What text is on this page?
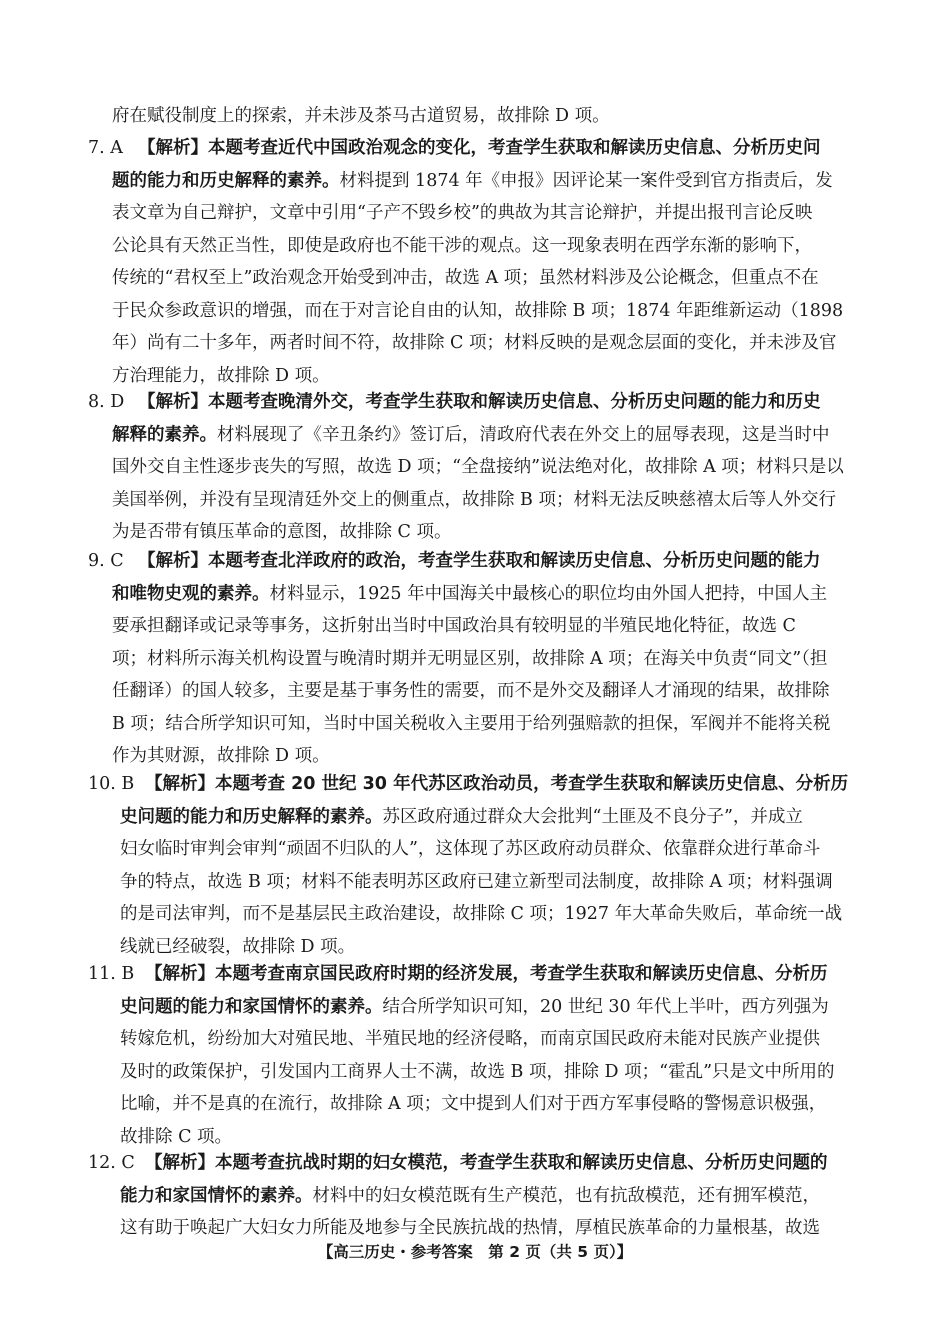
府在赋役制度上的探索，并未涉及茶马古道贸易，故排除 D 项。
7. A 【解析】本题考查近代中国政治观念的变化，考查学生获取和解读历史信息、分析历史问
题的能力和历史解释的素养。材料提到 1874 年《申报》因评论某一案件受到官方指责后，发
表文章为自己辩护，文章中引用“子产不毁乡校”的典故为其言论辩护，并提出报刊言论反映
公论具有天然正当性，即使是政府也不能干涉的观点。这一现象表明在西学东渐的影响下，
传统的“君权至上”政治观念开始受到冲击，故选 A 项；虽然材料涉及公论概念，但重点不在
于民众参政意识的增强，而在于对言论自由的认知，故排除 B 项；1874 年距维新运动（1898
年）尚有二十多年，两者时间不符，故排除 C 项；材料反映的是观念层面的变化，并未涉及官
方治理能力，故排除 D 项。
8. D 【解析】本题考查晚清外交，考查学生获取和解读历史信息、分析历史问题的能力和历史
解释的素养。材料展现了《辛丑条约》签订后，清政府代表在外交上的屈辱表现，这是当时中
国外交自主性逐步丧失的写照，故选 D 项；“全盘接纳”说法绝对化，故排除 A 项；材料只是以
美国举例，并没有呈现清廷外交上的侧重点，故排除 B 项；材料无法反映慈禧太后等人外交行
为是否带有镇压革命的意图，故排除 C 项。
9. C 【解析】本题考查北洋政府的政治，考查学生获取和解读历史信息、分析历史问题的能力
和唯物史观的素养。材料显示，1925 年中国海关中最核心的职位均由外国人把持，中国人主
要承担翻译或记录等事务，这折射出当时中国政治具有较明显的半殖民地化特征，故选 C
项；材料所示海关机构设置与晚清时期并无明显区别，故排除 A 项；在海关中负责“同文”（担
任翻译）的国人较多，主要是基于事务性的需要，而不是外交及翻译人才涌现的结果，故排除
B 项；结合所学知识可知，当时中国关税收入主要用于给列强赔款的担保，军阀并不能将关税
作为其财源，故排除 D 项。
10. B 【解析】本题考查 20 世纪 30 年代苏区政治动员，考查学生获取和解读历史信息、分析历
史问题的能力和历史解释的素养。苏区政府通过群众大会批判“土匪及不良分子”，并成立
妇女临时审判会审判“顽固不归队的人”，这体现了苏区政府动员群众、依靠群众进行革命斗
争的特点，故选 B 项；材料不能表明苏区政府已建立新型司法制度，故排除 A 项；材料强调
的是司法审判，而不是基层民主政治建设，故排除 C 项；1927 年大革命失败后，革命统一战
线就已经破裂，故排除 D 项。
11. B 【解析】本题考查南京国民政府时期的经济发展，考查学生获取和解读历史信息、分析历
史问题的能力和家国情怀的素养。结合所学知识可知，20 世纪 30 年代上半叶，西方列强为
转嫁危机，纷纷加大对殖民地、半殖民地的经济侵略，而南京国民政府未能对民族产业提供
及时的政策保护，引发国内工商界人士不满，故选 B 项，排除 D 项；“霍乱”只是文中所用的
比喻，并不是真的在流行，故排除 A 项；文中提到人们对于西方军事侵略的警惕意识极强，
故排除 C 项。
12. C 【解析】本题考查抗战时期的妇女模范，考查学生获取和解读历史信息、分析历史问题的
能力和家国情怀的素养。材料中的妇女模范既有生产模范，也有抗敌模范，还有拥军模范，
这有助于唤起广大妇女力所能及地参与全民族抗战的热情，厚植民族革命的力量根基，故选
【高三历史・参考答案　第 2 页（共 5 页）】
